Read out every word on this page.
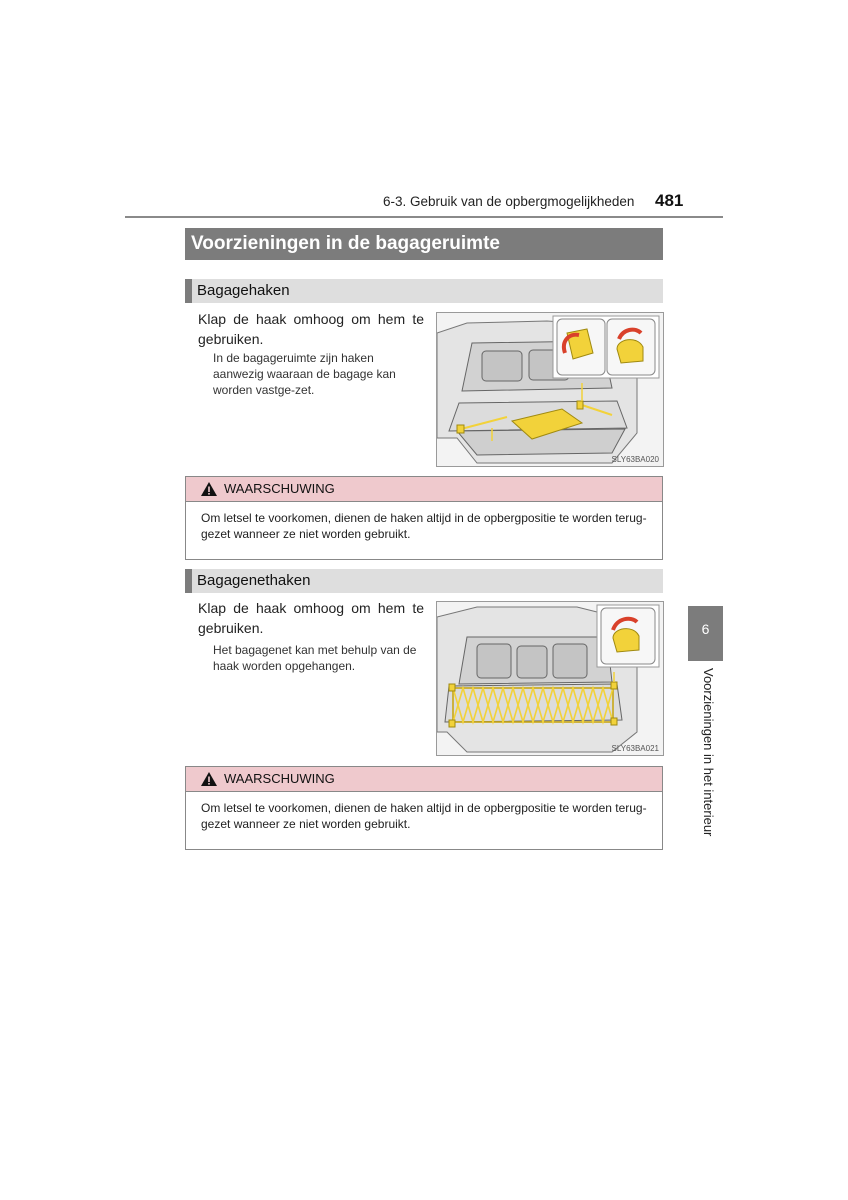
6-3. Gebruik van de opbergmogelijkheden 481
Voorzieningen in de bagageruimte
Bagagehaken
Klap de haak omhoog om hem te gebruiken.
In de bagageruimte zijn haken aanwezig waaraan de bagage kan worden vastge-zet.
SLY63BA020
WAARSCHUWING
Om letsel te voorkomen, dienen de haken altijd in de opbergpositie te worden terug-gezet wanneer ze niet worden gebruikt.
Bagagenethaken
Klap de haak omhoog om hem te gebruiken.
Het bagagenet kan met behulp van de haak worden opgehangen.
SLY63BA021
WAARSCHUWING
Om letsel te voorkomen, dienen de haken altijd in de opbergpositie te worden terug-gezet wanneer ze niet worden gebruikt.
6
Voorzieningen in het interieur
